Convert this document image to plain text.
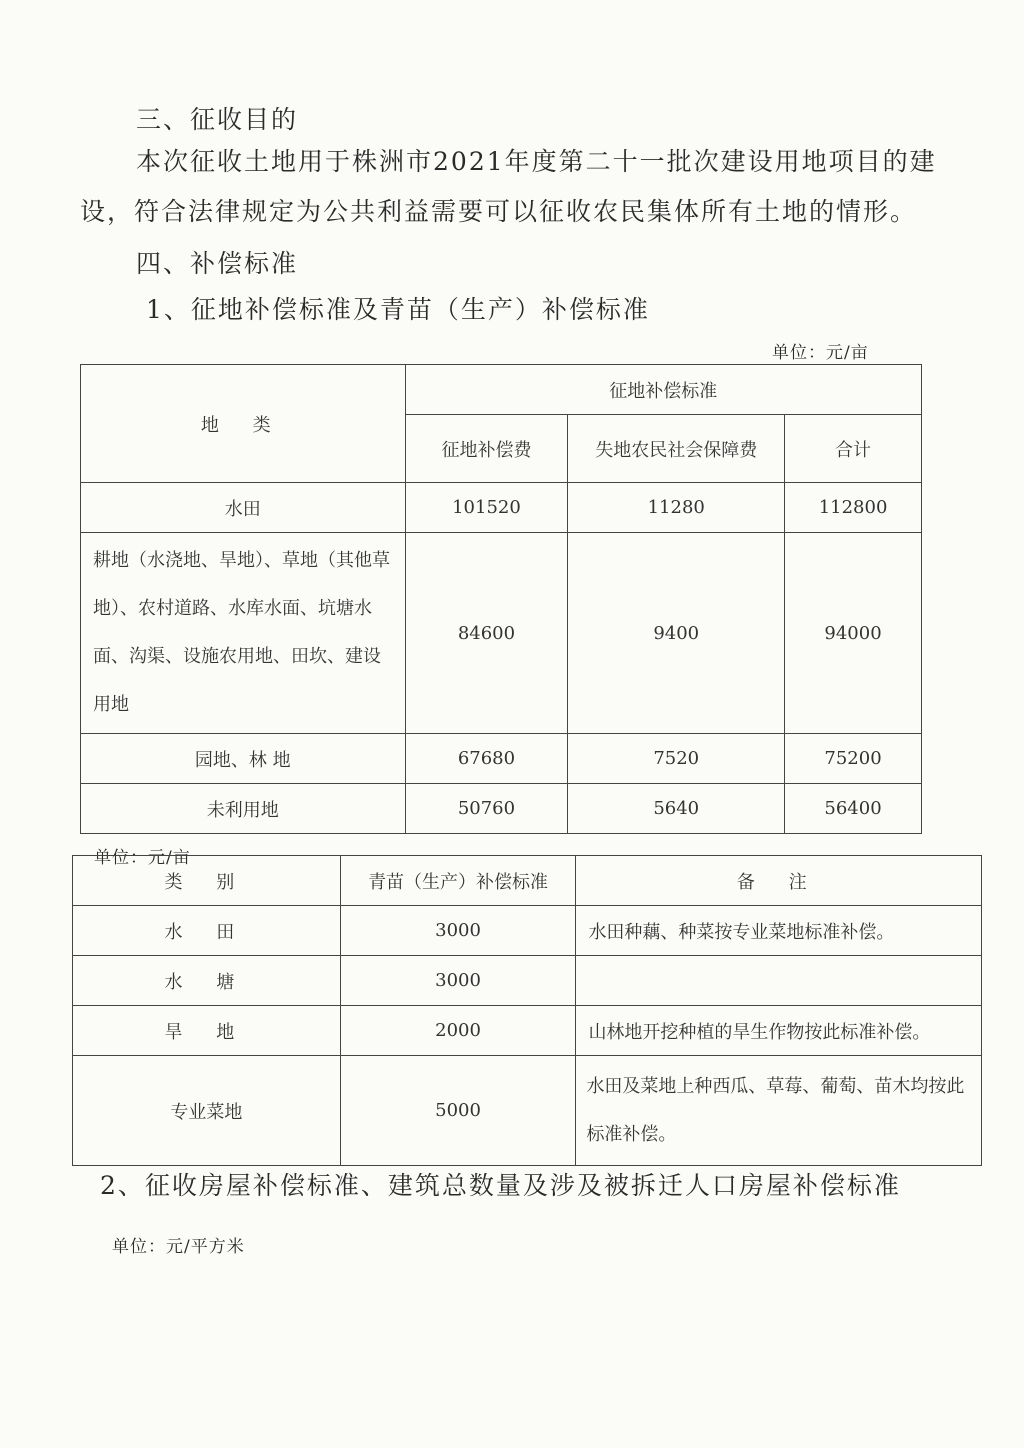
三、征收目的
本次征收土地用于株洲市2021年度第二十一批次建设用地项目的建
设，符合法律规定为公共利益需要可以征收农民集体所有土地的情形。
四、补偿标准
1、征地补偿标准及青苗（生产）补偿标准
单位：元/亩
地 类	征地补偿标准		
	征地补偿费	失地农民社会保障费	合计
水田	101520	11280	112800
耕地（水浇地、旱地）、草地（其他草地）、农村道路、水库水面、坑塘水面、沟渠、设施农用地、田坎、建设用地	84600	9400	94000
园地、林 地	67680	7520	75200
未利用地	50760	5640	56400
单位：元/亩
类 别	青苗（生产）补偿标准	备 注
水 田	3000	水田种藕、种菜按专业菜地标准补偿。
水 塘	3000	
旱 地	2000	山林地开挖种植的旱生作物按此标准补偿。
专业菜地	5000	水田及菜地上种西瓜、草莓、葡萄、苗木均按此标准补偿。
2、征收房屋补偿标准、建筑总数量及涉及被拆迁人口房屋补偿标准
单位：元/平方米
